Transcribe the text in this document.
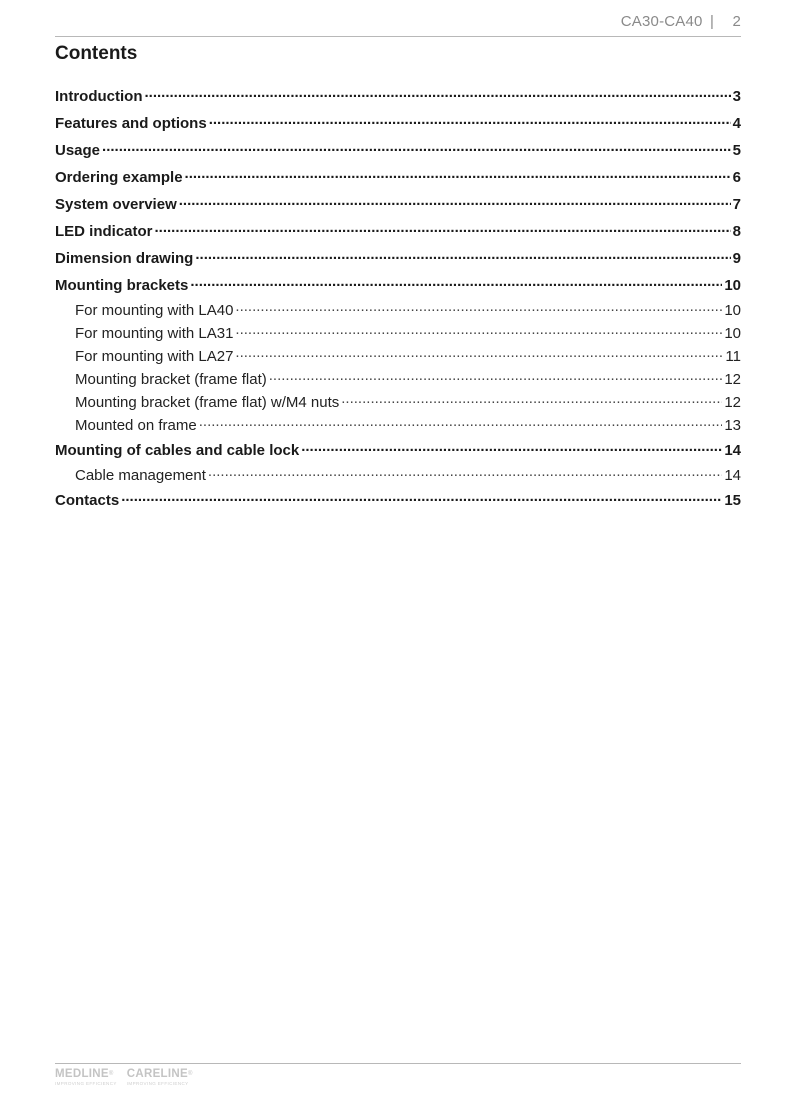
CA30-CA40 | 2
Contents
Introduction .....	3
Features and options .....	4
Usage .....	5
Ordering example .....	6
System overview .....	7
LED indicator .....	8
Dimension drawing .....	9
Mounting brackets .....	10
For mounting with LA40 .....	10
For mounting with LA31 .....	10
For mounting with LA27 .....	11
Mounting bracket (frame flat) .....	12
Mounting bracket (frame flat) w/M4 nuts .....	12
Mounted on frame .....	13
Mounting of cables and cable lock .....	14
Cable management .....	14
Contacts .....	15
MEDLINE®
IMPROVING EFFICIENCY
CARELINE®
IMPROVING EFFICIENCY
